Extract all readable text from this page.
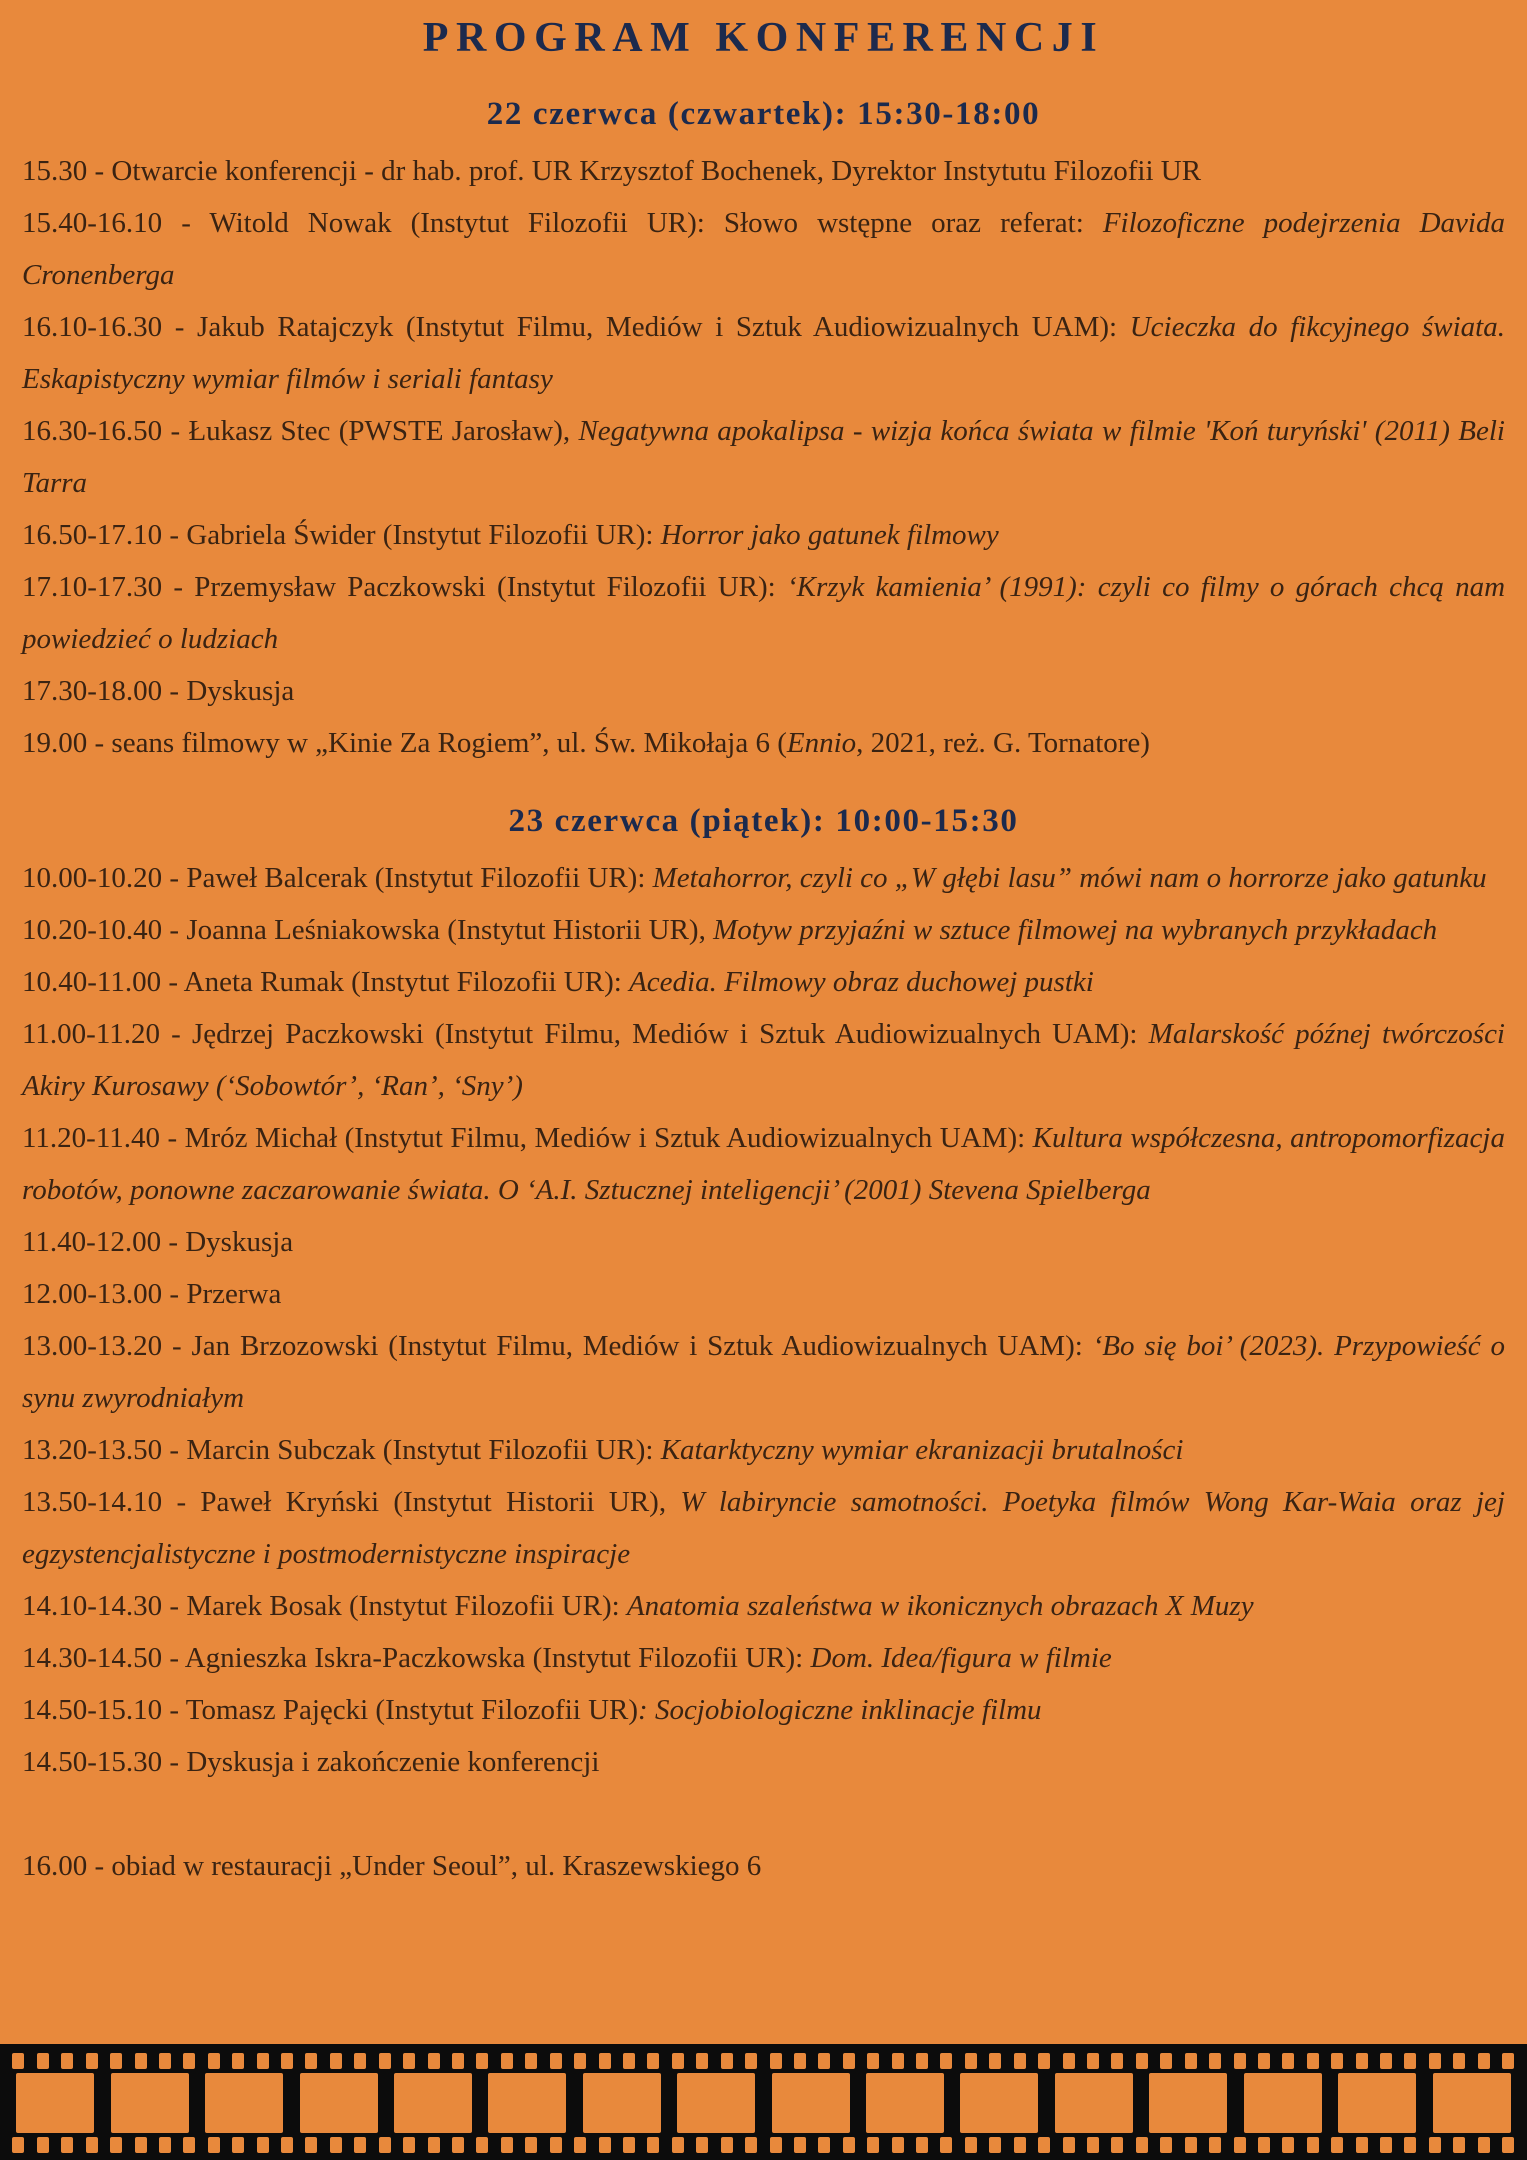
PROGRAM KONFERENCJI
22 czerwca (czwartek): 15:30-18:00

15.30 - Otwarcie konferencji - dr hab. prof. UR Krzysztof Bochenek, Dyrektor Instytutu Filozofii UR

15.40-16.10 - Witold Nowak (Instytut Filozofii UR): Słowo wstępne oraz referat: Filozoficzne podejrzenia Davida Cronenberga

16.10-16.30 - Jakub Ratajczyk (Instytut Filmu, Mediów i Sztuk Audiowizualnych UAM): Ucieczka do fikcyjnego świata. Eskapistyczny wymiar filmów i seriali fantasy

16.30-16.50 - Łukasz Stec (PWSTE Jarosław), Negatywna apokalipsa - wizja końca świata w filmie 'Koń turyński' (2011) Beli Tarra

16.50-17.10 - Gabriela Świder (Instytut Filozofii UR): Horror jako gatunek filmowy

17.10-17.30 - Przemysław Paczkowski (Instytut Filozofii UR): ‘Krzyk kamienia’ (1991): czyli co filmy o górach chcą nam powiedzieć o ludziach

17.30-18.00 - Dyskusja

19.00 - seans filmowy w „Kinie Za Rogiem”, ul. Św. Mikołaja 6 (Ennio, 2021, reż. G. Tornatore)

23 czerwca (piątek): 10:00-15:30

10.00-10.20 - Paweł Balcerak (Instytut Filozofii UR): Metahorror, czyli co „W głębi lasu” mówi nam o horrorze jako gatunku

10.20-10.40 - Joanna Leśniakowska (Instytut Historii UR), Motyw przyjaźni w sztuce filmowej na wybranych przykładach

10.40-11.00 - Aneta Rumak (Instytut Filozofii UR): Acedia. Filmowy obraz duchowej pustki

11.00-11.20 - Jędrzej Paczkowski (Instytut Filmu, Mediów i Sztuk Audiowizualnych UAM): Malarskość późnej twórczości Akiry Kurosawy (‘Sobowtór’, ‘Ran’, ‘Sny’)

11.20-11.40 - Mróz Michał (Instytut Filmu, Mediów i Sztuk Audiowizualnych UAM): Kultura współczesna, antropomorfizacja robotów, ponowne zaczarowanie świata. O ‘A.I. Sztucznej inteligencji’ (2001) Stevena Spielberga

11.40-12.00 - Dyskusja

12.00-13.00 - Przerwa

13.00-13.20 - Jan Brzozowski (Instytut Filmu, Mediów i Sztuk Audiowizualnych UAM): ‘Bo się boi’ (2023). Przypowieść o synu zwyrodniałym

13.20-13.50 - Marcin Subczak (Instytut Filozofii UR): Katarktyczny wymiar ekranizacji brutalności

13.50-14.10 - Paweł Kryński (Instytut Historii UR), W labiryncie samotności. Poetyka filmów Wong Kar-Waia oraz jej egzystencjalistyczne i postmodernistyczne inspiracje

14.10-14.30 - Marek Bosak (Instytut Filozofii UR): Anatomia szaleństwa w ikonicznych obrazach X Muzy

14.30-14.50 - Agnieszka Iskra-Paczkowska (Instytut Filozofii UR): Dom. Idea/figura w filmie

14.50-15.10 - Tomasz Pajęcki (Instytut Filozofii UR): Socjobiologiczne inklinacje filmu

14.50-15.30 - Dyskusja i zakończenie konferencji

16.00 - obiad w restauracji „Under Seoul”, ul. Kraszewskiego 6
